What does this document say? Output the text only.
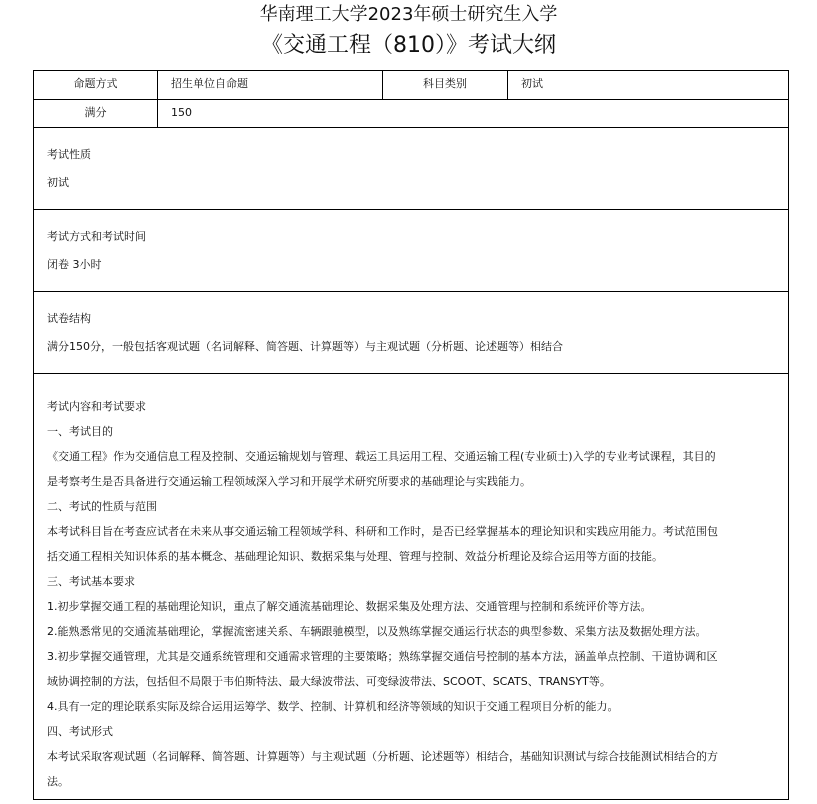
华南理工大学2023年硕士研究生入学
《交通工程（810）》考试大纲
命题方式	招生单位自命题	科目类别	初试
满分	150
考试性质
初试
考试方式和考试时间
闭卷 3小时
试卷结构
满分150分，一般包括客观试题（名词解释、简答题、计算题等）与主观试题（分析题、论述题等）相结合
考试内容和考试要求
一、考试目的
《交通工程》作为交通信息工程及控制、交通运输规划与管理、载运工具运用工程、交通运输工程(专业硕士)入学的专业考试课程，其目的
是考察考生是否具备进行交通运输工程领域深入学习和开展学术研究所要求的基础理论与实践能力。
二、考试的性质与范围
本考试科目旨在考查应试者在未来从事交通运输工程领域学科、科研和工作时，是否已经掌握基本的理论知识和实践应用能力。考试范围包
括交通工程相关知识体系的基本概念、基础理论知识、数据采集与处理、管理与控制、效益分析理论及综合运用等方面的技能。
三、考试基本要求
1.初步掌握交通工程的基础理论知识，重点了解交通流基础理论、数据采集及处理方法、交通管理与控制和系统评价等方法。
2.能熟悉常见的交通流基础理论，掌握流密速关系、车辆跟驰模型，以及熟练掌握交通运行状态的典型参数、采集方法及数据处理方法。
3.初步掌握交通管理，尤其是交通系统管理和交通需求管理的主要策略；熟练掌握交通信号控制的基本方法，涵盖单点控制、干道协调和区
域协调控制的方法，包括但不局限于韦伯斯特法、最大绿波带法、可变绿波带法、SCOOT、SCATS、TRANSYT等。
4.具有一定的理论联系实际及综合运用运筹学、数学、控制、计算机和经济等领域的知识于交通工程项目分析的能力。
四、考试形式
本考试采取客观试题（名词解释、简答题、计算题等）与主观试题（分析题、论述题等）相结合，基础知识测试与综合技能测试相结合的方
法。
